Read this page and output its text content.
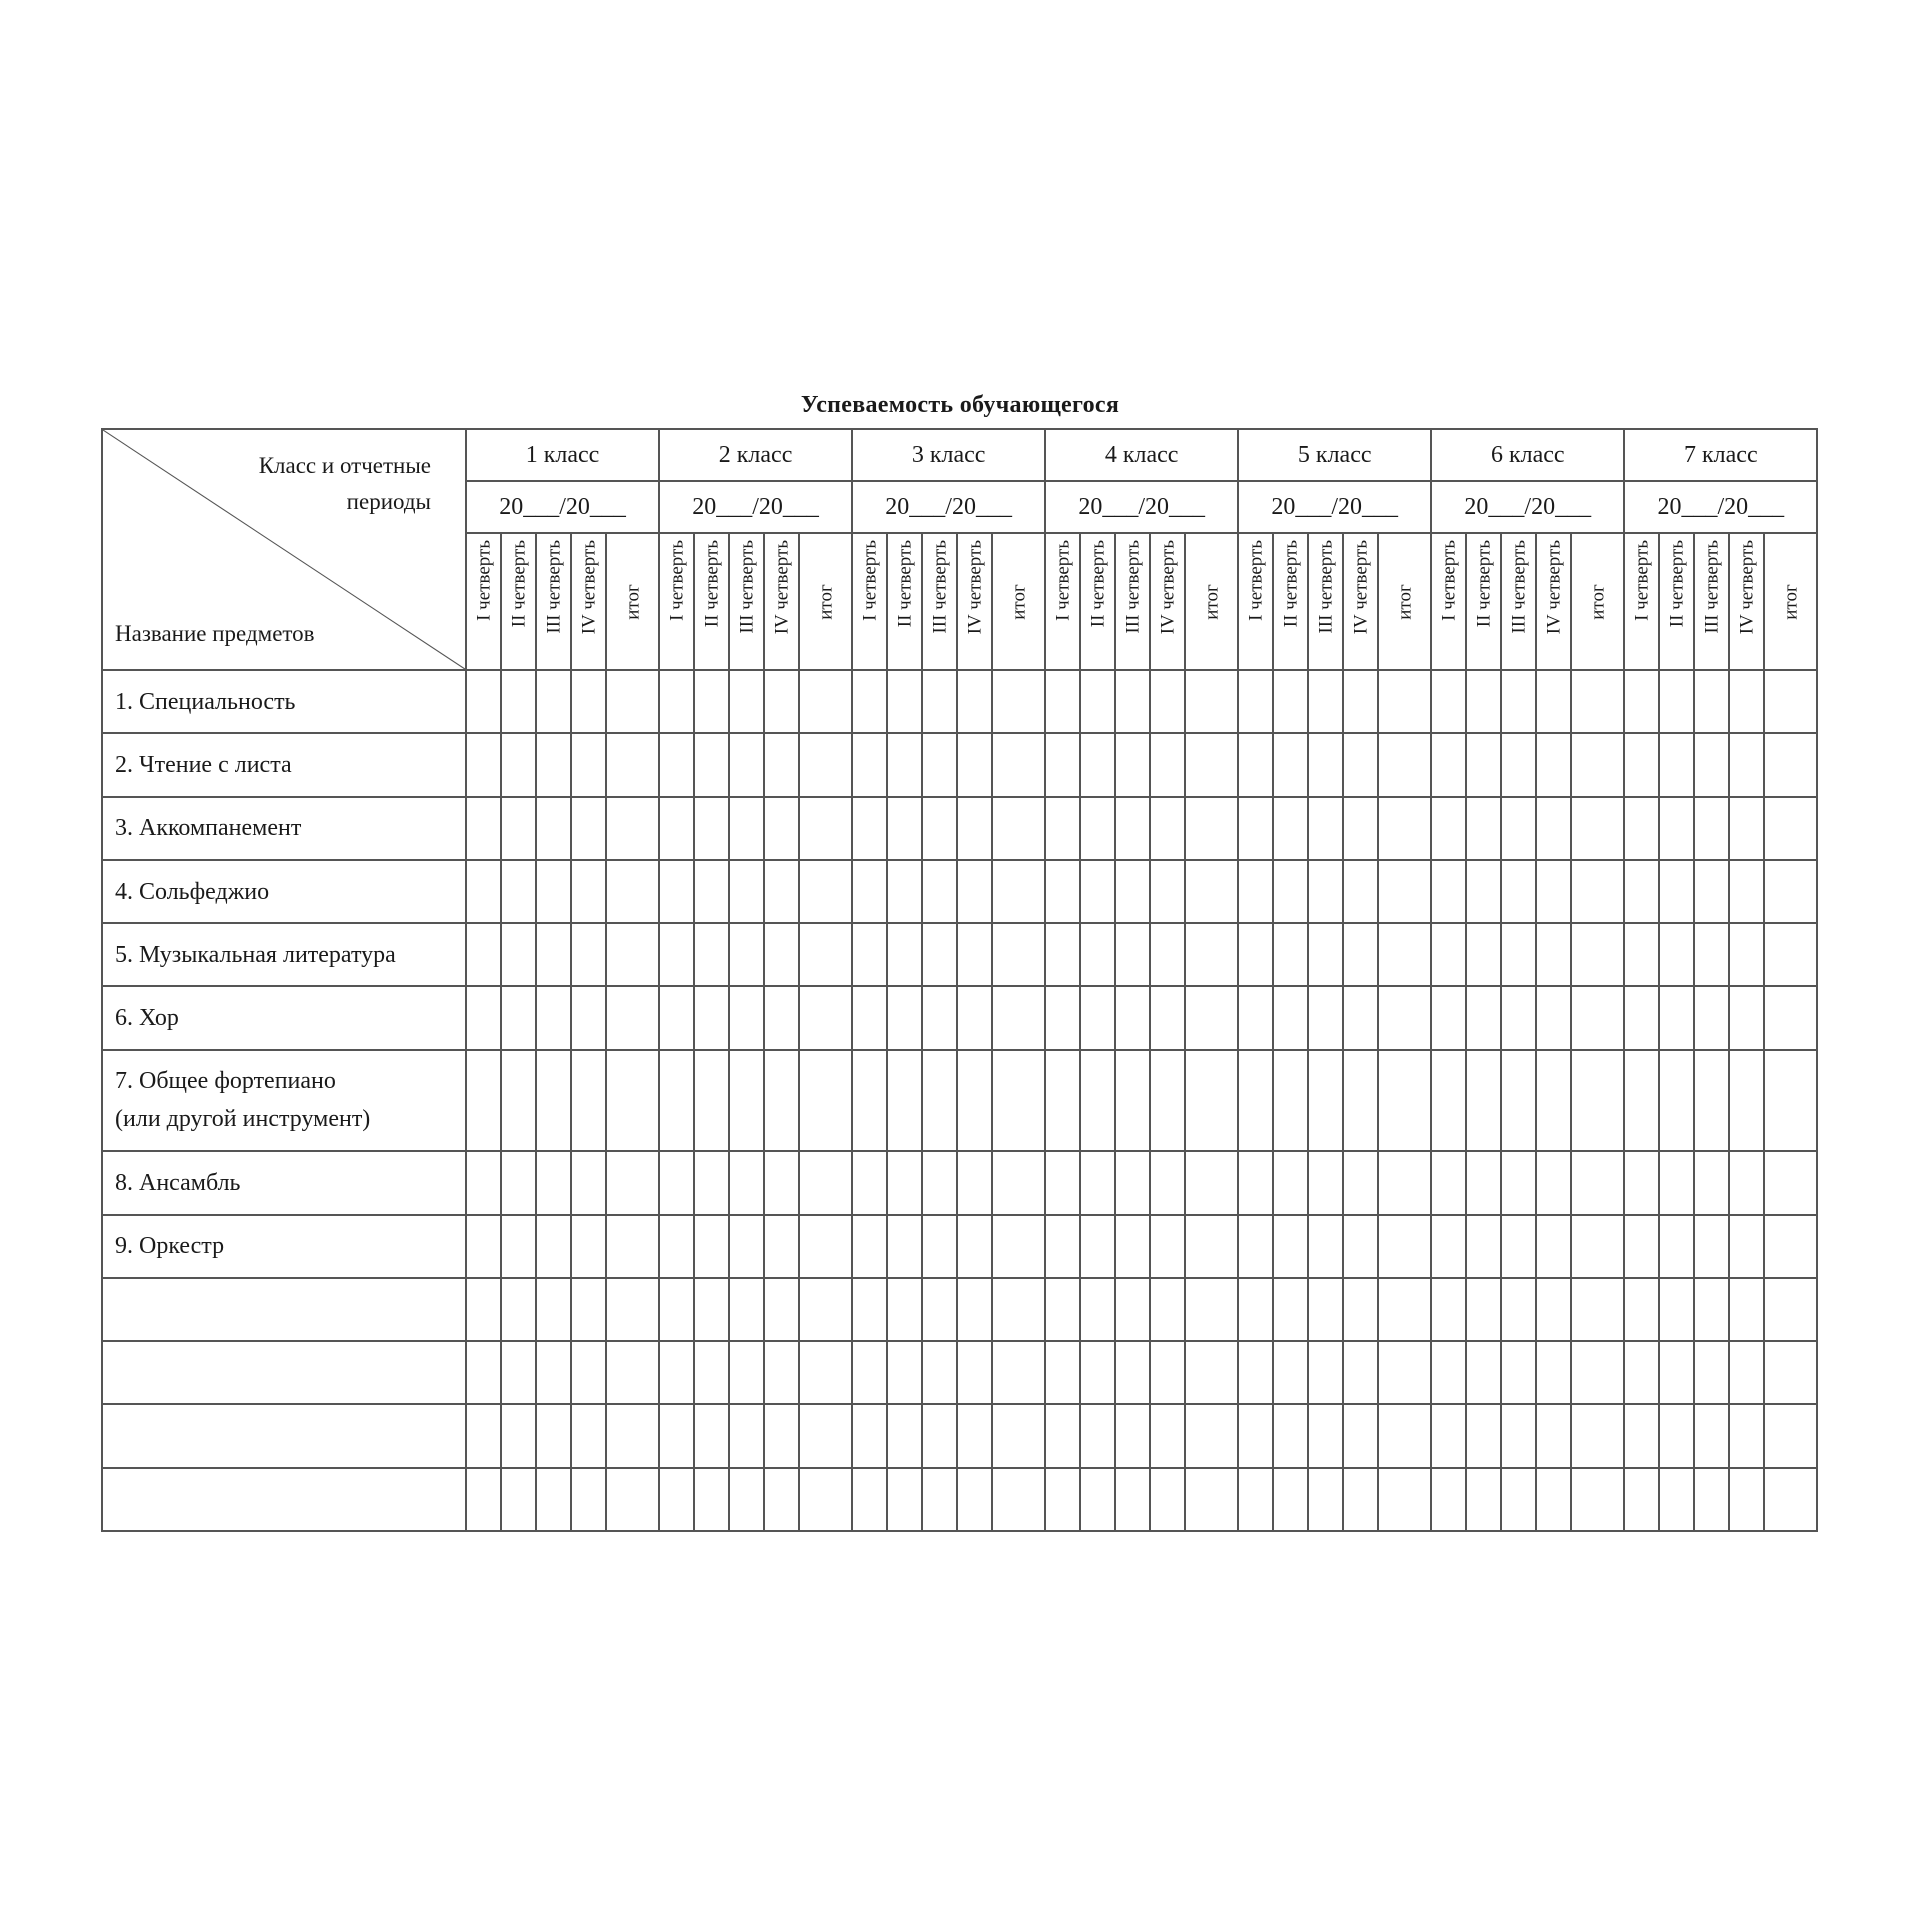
Успеваемость обучающегося
Класс и отчетные
периоды
Название предметов	1 класс					2 класс					3 класс					4 класс					5 класс					6 класс					7 класс				
	20___/20___					20___/20___					20___/20___					20___/20___					20___/20___					20___/20___					20___/20___				

	I четверть	II четверть	III четверть	IV четверть	итог	I четверть	II четверть	III четверть	IV четверть	итог	I четверть	II четверть	III четверть	IV четверть	итог	I четверть	II четверть	III четверть	IV четверть	итог	I четверть	II четверть	III четверть	IV четверть	итог	I четверть	II четверть	III четверть	IV четверть	итог	I четверть	II четверть	III четверть	IV четверть	итог

1. Специальность																																			

2. Чтение с листа																																			

3. Аккомпанемент																																			

4. Сольфеджио																																			

5. Музыкальная литература																																			

6. Хор																																			

7. Общее фортепиано
(или другой инструмент)																																			

8. Ансамбль																																			

9. Оркестр																																			
